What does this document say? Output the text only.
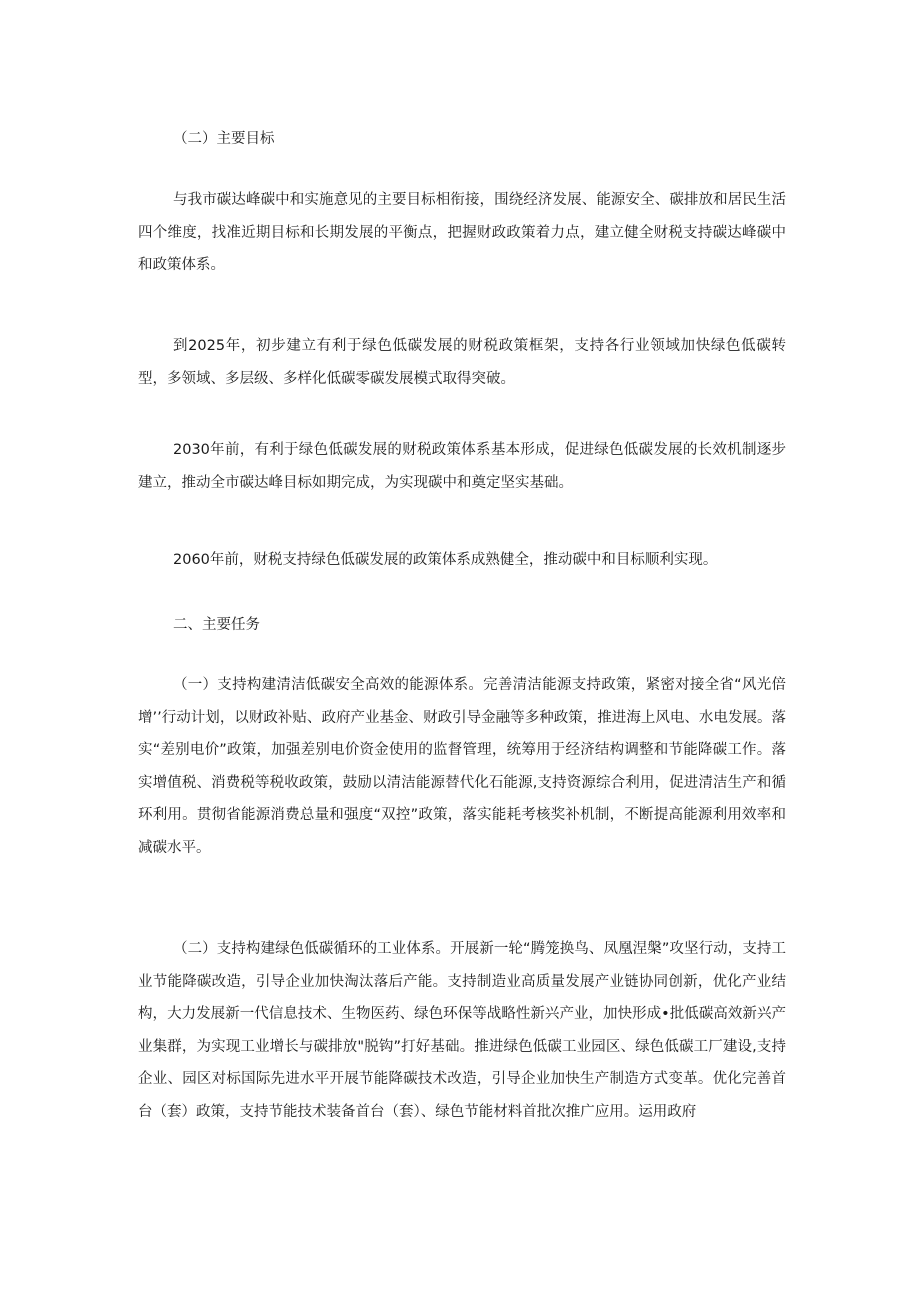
（二）主要目标

与我市碳达峰碳中和实施意见的主要目标相衔接，围绕经济发展、能源安全、碳排放和居民生活四个维度，找准近期目标和长期发展的平衡点，把握财政政策着力点，建立健全财税支持碳达峰碳中和政策体系。

到2025年，初步建立有利于绿色低碳发展的财税政策框架，支持各行业领域加快绿色低碳转型，多领域、多层级、多样化低碳零碳发展模式取得突破。

2030年前，有利于绿色低碳发展的财税政策体系基本形成，促进绿色低碳发展的长效机制逐步建立，推动全市碳达峰目标如期完成，为实现碳中和奠定坚实基础。

2060年前，财税支持绿色低碳发展的政策体系成熟健全，推动碳中和目标顺利实现。

二、主要任务

（一）支持构建清洁低碳安全高效的能源体系。完善清洁能源支持政策，紧密对接全省“风光倍增’’行动计划，以财政补贴、政府产业基金、财政引导金融等多种政策，推进海上风电、水电发展。落实“差别电价”政策，加强差别电价资金使用的监督管理，统筹用于经济结构调整和节能降碳工作。落实增值税、消费税等税收政策，鼓励以清洁能源替代化石能源,支持资源综合利用，促进清洁生产和循环利用。贯彻省能源消费总量和强度“双控”政策，落实能耗考核奖补机制，不断提高能源利用效率和减碳水平。

（二）支持构建绿色低碳循环的工业体系。开展新一轮“腾笼换鸟、凤凰涅槃”攻坚行动，支持工业节能降碳改造，引导企业加快淘汰落后产能。支持制造业高质量发展产业链协同创新，优化产业结构，大力发展新一代信息技术、生物医药、绿色环保等战略性新兴产业，加快形成•批低碳高效新兴产业集群，为实现工业增长与碳排放"脱钩”打好基础。推进绿色低碳工业园区、绿色低碳工厂建设,支持企业、园区对标国际先进水平开展节能降碳技术改造，引导企业加快生产制造方式变革。优化完善首台（套）政策，支持节能技术装备首台（套）、绿色节能材料首批次推广应用。运用政府
